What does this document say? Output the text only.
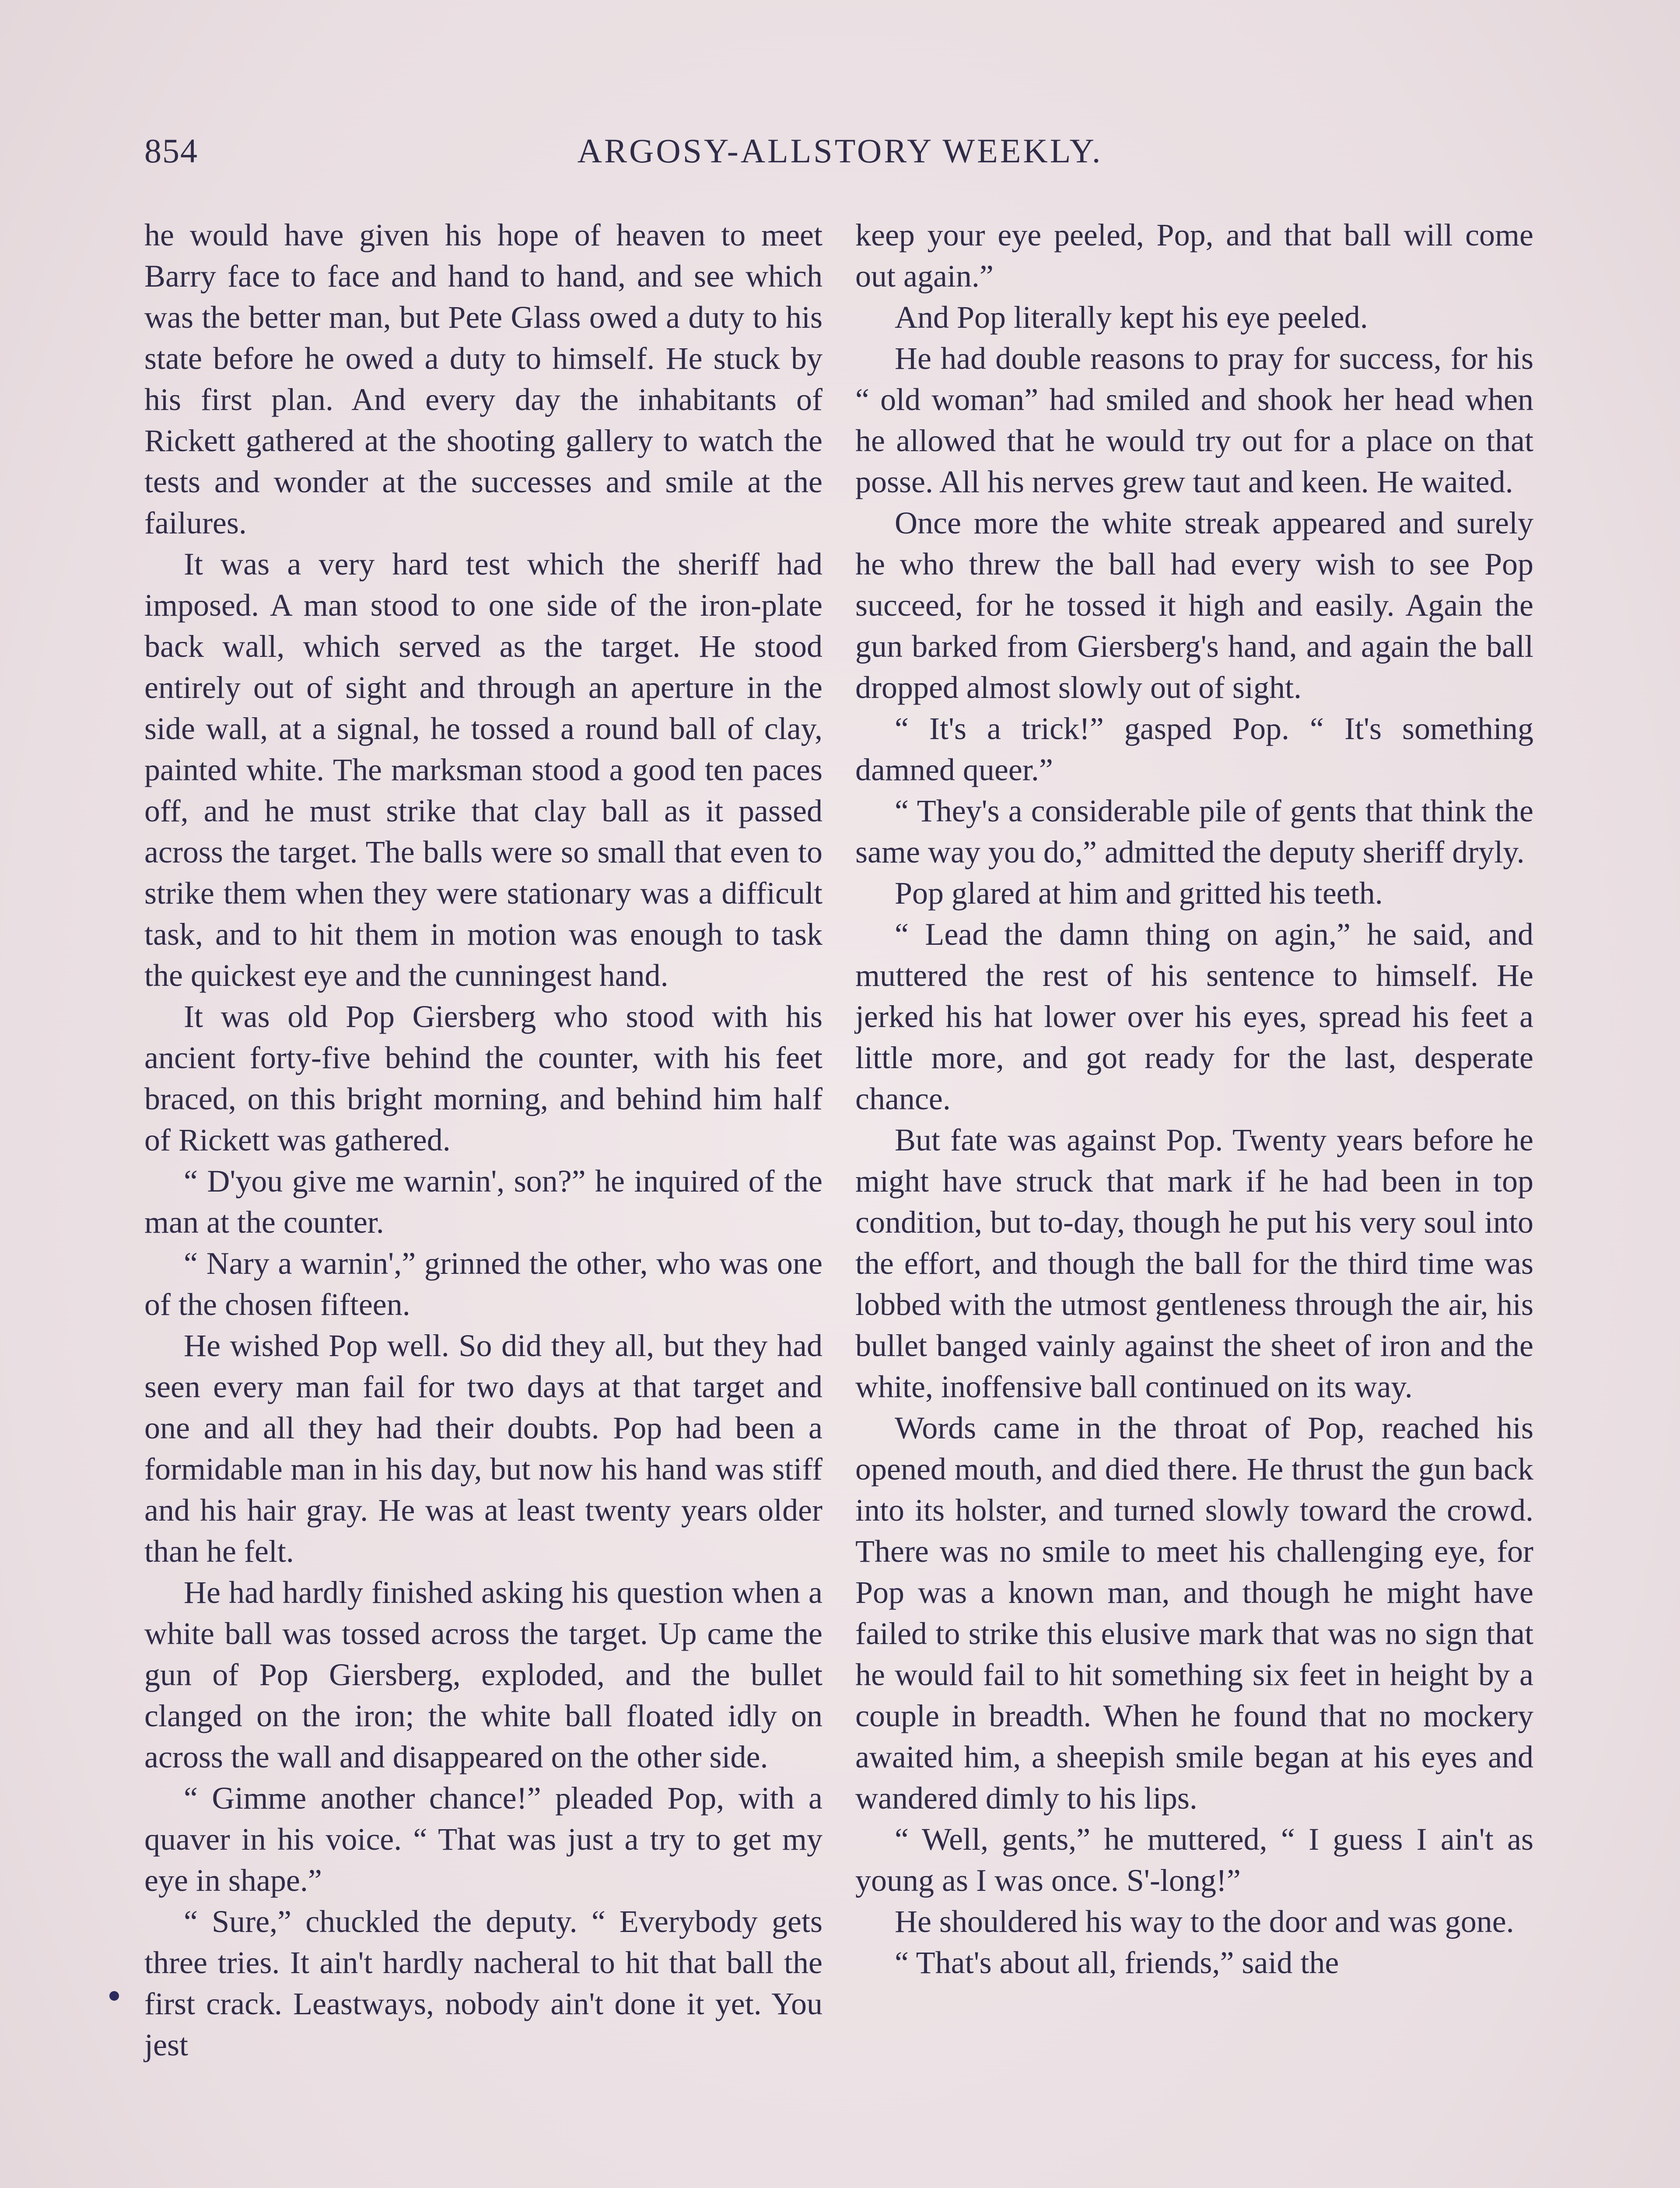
854	ARGOSY-ALLSTORY WEEKLY.

he would have given his hope of heaven to meet Barry face to face and hand to hand, and see which was the better man, but Pete Glass owed a duty to his state before he owed a duty to himself. He stuck by his first plan. And every day the inhabitants of Rickett gathered at the shooting gallery to watch the tests and wonder at the successes and smile at the failures.

It was a very hard test which the sheriff had imposed. A man stood to one side of the iron-plate back wall, which served as the target. He stood entirely out of sight and through an aperture in the side wall, at a signal, he tossed a round ball of clay, painted white. The marksman stood a good ten paces off, and he must strike that clay ball as it passed across the target. The balls were so small that even to strike them when they were stationary was a difficult task, and to hit them in motion was enough to task the quickest eye and the cunningest hand.

It was old Pop Giersberg who stood with his ancient forty-five behind the counter, with his feet braced, on this bright morning, and behind him half of Rickett was gathered.

“ D'you give me warnin', son?” he inquired of the man at the counter.

“ Nary a warnin',” grinned the other, who was one of the chosen fifteen.

He wished Pop well. So did they all, but they had seen every man fail for two days at that target and one and all they had their doubts. Pop had been a formidable man in his day, but now his hand was stiff and his hair gray. He was at least twenty years older than he felt.

He had hardly finished asking his question when a white ball was tossed across the target. Up came the gun of Pop Giersberg, exploded, and the bullet clanged on the iron; the white ball floated idly on across the wall and disappeared on the other side.

“ Gimme another chance!” pleaded Pop, with a quaver in his voice. “ That was just a try to get my eye in shape.”

“ Sure,” chuckled the deputy. “ Everybody gets three tries. It ain't hardly nacheral to hit that ball the first crack. Leastways, nobody ain't done it yet. You jest

keep your eye peeled, Pop, and that ball will come out again.”

And Pop literally kept his eye peeled.

He had double reasons to pray for success, for his “ old woman” had smiled and shook her head when he allowed that he would try out for a place on that posse. All his nerves grew taut and keen. He waited.

Once more the white streak appeared and surely he who threw the ball had every wish to see Pop succeed, for he tossed it high and easily. Again the gun barked from Giersberg's hand, and again the ball dropped almost slowly out of sight.

“ It's a trick!” gasped Pop. “ It's something damned queer.”

“ They's a considerable pile of gents that think the same way you do,” admitted the deputy sheriff dryly.

Pop glared at him and gritted his teeth.

“ Lead the damn thing on agin,” he said, and muttered the rest of his sentence to himself. He jerked his hat lower over his eyes, spread his feet a little more, and got ready for the last, desperate chance.

But fate was against Pop. Twenty years before he might have struck that mark if he had been in top condition, but to-day, though he put his very soul into the effort, and though the ball for the third time was lobbed with the utmost gentleness through the air, his bullet banged vainly against the sheet of iron and the white, inoffensive ball continued on its way.

Words came in the throat of Pop, reached his opened mouth, and died there. He thrust the gun back into its holster, and turned slowly toward the crowd. There was no smile to meet his challenging eye, for Pop was a known man, and though he might have failed to strike this elusive mark that was no sign that he would fail to hit something six feet in height by a couple in breadth. When he found that no mockery awaited him, a sheepish smile began at his eyes and wandered dimly to his lips.

“ Well, gents,” he muttered, “ I guess I ain't as young as I was once. S'-long!”

He shouldered his way to the door and was gone.

“ That's about all, friends,” said the
